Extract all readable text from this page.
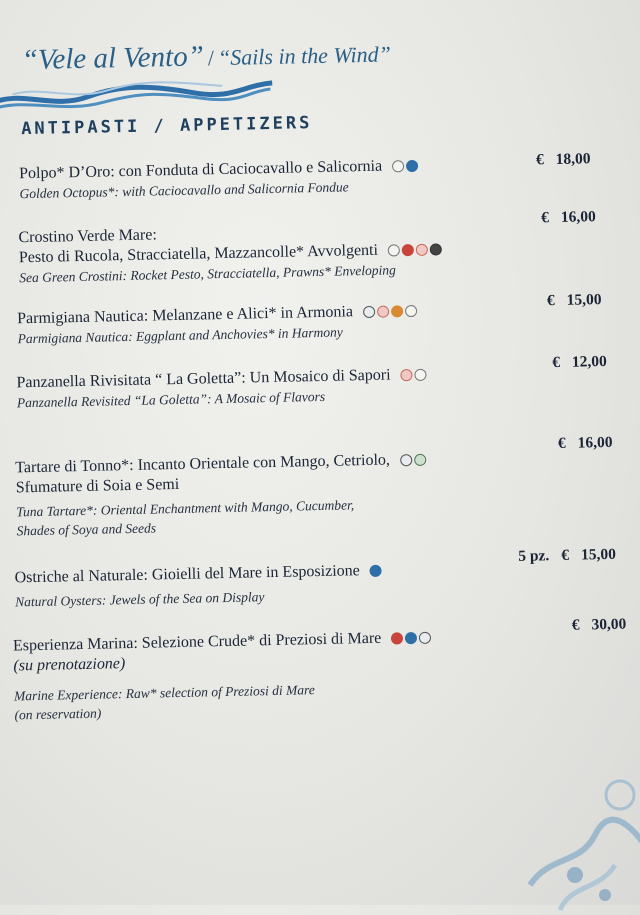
“Vele al Vento” / “Sails in the Wind”
ANTIPASTI / APPETIZERS
Polpo* D’Oro: con Fonduta di Caciocavallo e Salicornia
Golden Octopus*: with Caciocavallo and Salicornia Fondue
€ 18,00
Crostino Verde Mare:
Pesto di Rucola, Stracciatella, Mazzancolle* Avvolgenti
Sea Green Crostini: Rocket Pesto, Stracciatella, Prawns* Enveloping
€ 16,00
Parmigiana Nautica: Melanzane e Alici* in Armonia
Parmigiana Nautica: Eggplant and Anchovies* in Harmony
€ 15,00
Panzanella Rivisitata “ La Goletta”: Un Mosaico di Sapori
Panzanella Revisited “La Goletta”: A Mosaic of Flavors
€ 12,00
Tartare di Tonno*: Incanto Orientale con Mango, Cetriolo,
Sfumature di Soia e Semi
Tuna Tartare*: Oriental Enchantment with Mango, Cucumber,
Shades of Soya and Seeds
€ 16,00
Ostriche al Naturale: Gioielli del Mare in Esposizione
Natural Oysters: Jewels of the Sea on Display
5 pz. € 15,00
Esperienza Marina: Selezione Crude* di Preziosi di Mare
(su prenotazione)
Marine Experience: Raw* selection of Preziosi di Mare
(on reservation)
€ 30,00
